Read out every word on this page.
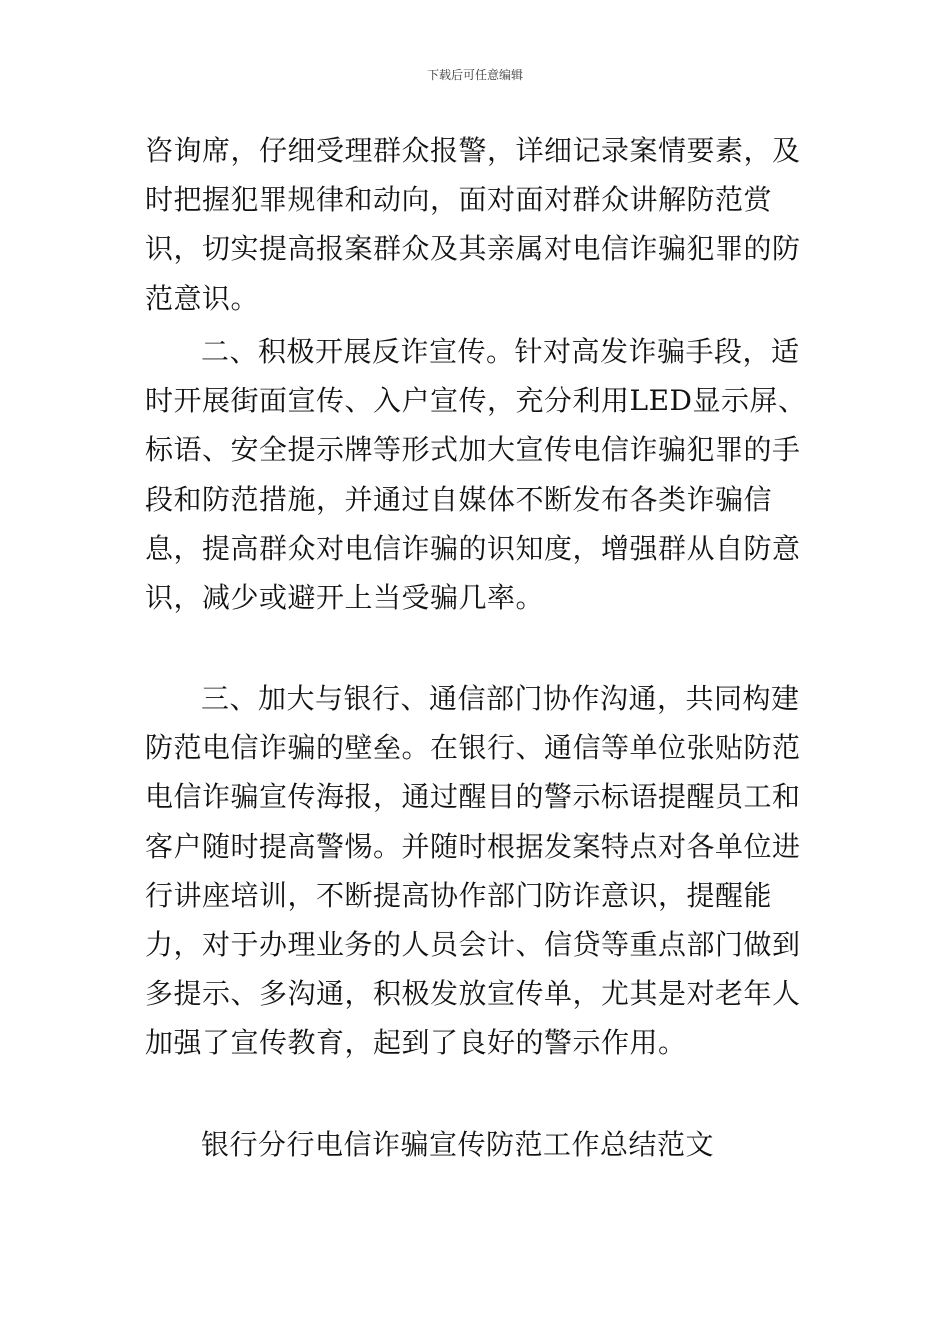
下载后可任意编辑

咨询席，仔细受理群众报警，详细记录案情要素，及时把握犯罪规律和动向，面对面对群众讲解防范赏识，切实提高报案群众及其亲属对电信诈骗犯罪的防范意识。

二、积极开展反诈宣传。针对高发诈骗手段，适时开展街面宣传、入户宣传，充分利用LED显示屏、标语、安全提示牌等形式加大宣传电信诈骗犯罪的手段和防范措施，并通过自媒体不断发布各类诈骗信息，提高群众对电信诈骗的识知度，增强群从自防意识，减少或避开上当受骗几率。

三、加大与银行、通信部门协作沟通，共同构建防范电信诈骗的壁垒。在银行、通信等单位张贴防范电信诈骗宣传海报，通过醒目的警示标语提醒员工和客户随时提高警惕。并随时根据发案特点对各单位进行讲座培训，不断提高协作部门防诈意识，提醒能力，对于办理业务的人员会计、信贷等重点部门做到多提示、多沟通，积极发放宣传单，尤其是对老年人加强了宣传教育，起到了良好的警示作用。

银行分行电信诈骗宣传防范工作总结范文
